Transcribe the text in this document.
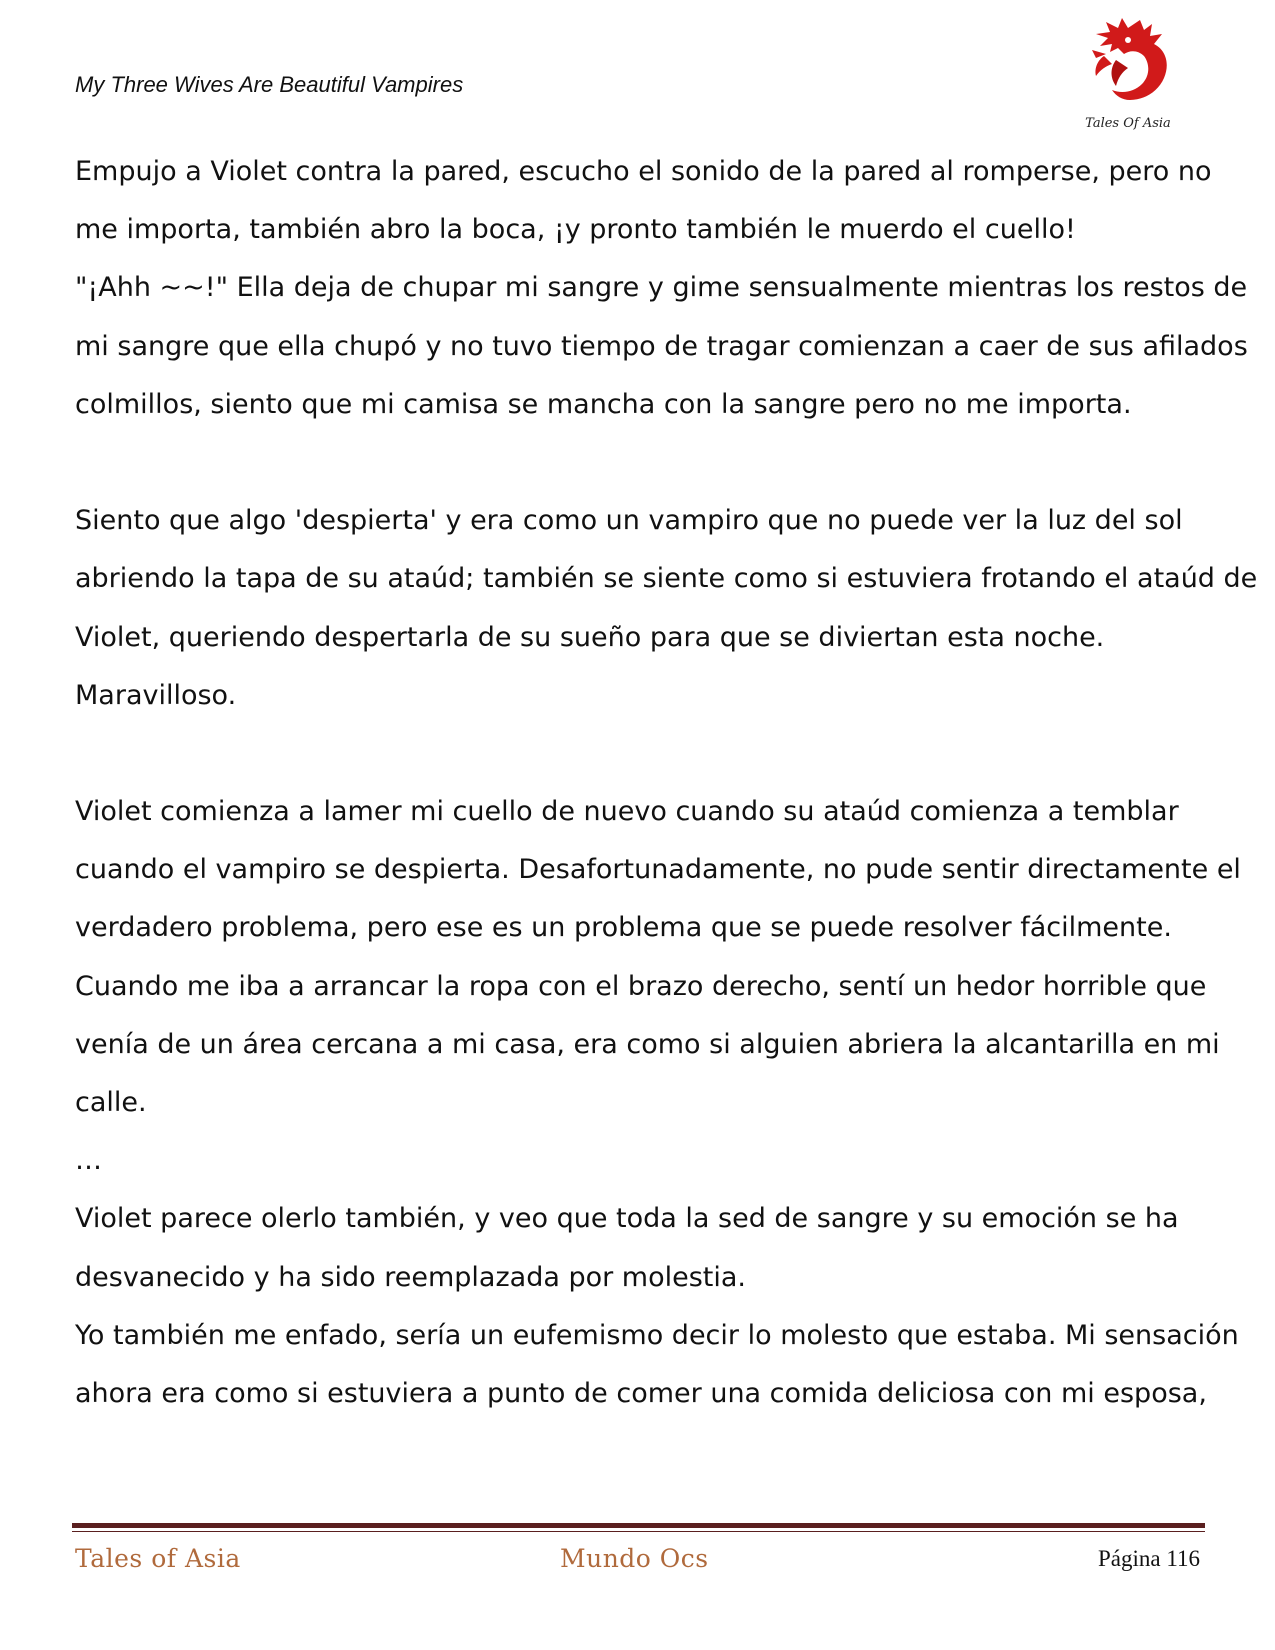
My Three Wives Are Beautiful Vampires
Tales Of Asia
Empujo a Violet contra la pared, escucho el sonido de la pared al romperse, pero no
me importa, también abro la boca, ¡y pronto también le muerdo el cuello!
"¡Ahh ~~!" Ella deja de chupar mi sangre y gime sensualmente mientras los restos de
mi sangre que ella chupó y no tuvo tiempo de tragar comienzan a caer de sus afilados
colmillos, siento que mi camisa se mancha con la sangre pero no me importa.
Siento que algo 'despierta' y era como un vampiro que no puede ver la luz del sol
abriendo la tapa de su ataúd; también se siente como si estuviera frotando el ataúd de
Violet, queriendo despertarla de su sueño para que se diviertan esta noche.
Maravilloso.
Violet comienza a lamer mi cuello de nuevo cuando su ataúd comienza a temblar
cuando el vampiro se despierta. Desafortunadamente, no pude sentir directamente el
verdadero problema, pero ese es un problema que se puede resolver fácilmente.
Cuando me iba a arrancar la ropa con el brazo derecho, sentí un hedor horrible que
venía de un área cercana a mi casa, era como si alguien abriera la alcantarilla en mi
calle.
…
Violet parece olerlo también, y veo que toda la sed de sangre y su emoción se ha
desvanecido y ha sido reemplazada por molestia.
Yo también me enfado, sería un eufemismo decir lo molesto que estaba. Mi sensación
ahora era como si estuviera a punto de comer una comida deliciosa con mi esposa,
Tales of Asia	Mundo Ocs	Página 116
